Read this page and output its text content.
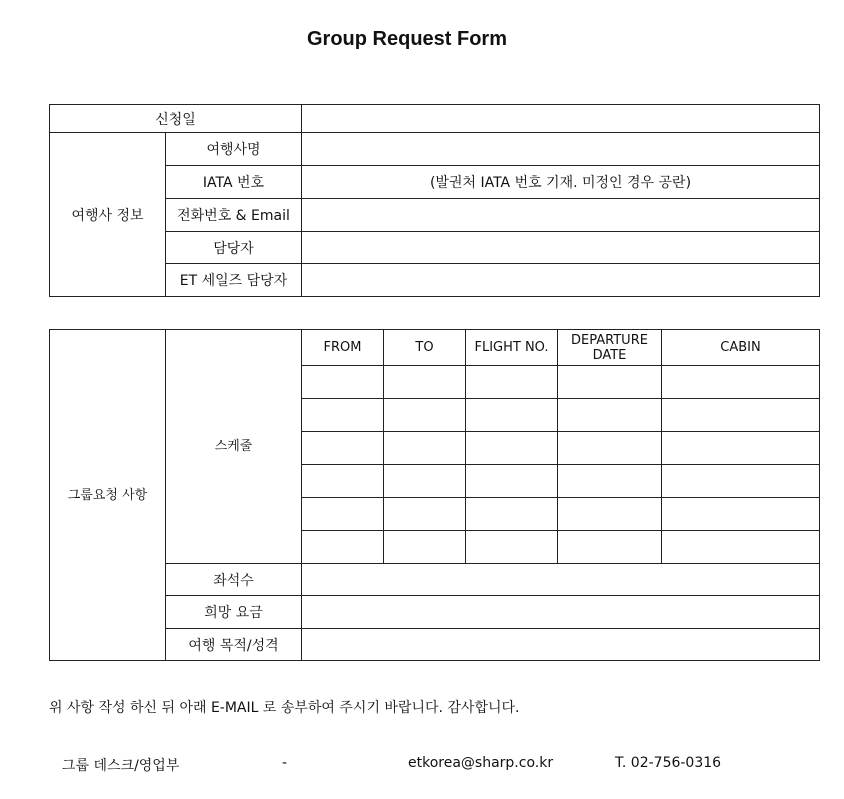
Group Request Form
신청일		
여행사 정보	여행사명	
	IATA 번호	(발권처 IATA 번호 기재. 미정인 경우 공란)
	전화번호 & Email	
	담당자	
	ET 세일즈 담당자	
그룹요청 사항	스케줄	FROM	TO	FLIGHT NO.	DEPARTURE DATE	CABIN

	좌석수					
	희망 요금					
	여행 목적/성격					
위 사항 작성 하신 뒤 아래 E-MAIL 로 송부하여 주시기 바랍니다. 감사합니다.
그룹 데스크/영업부	-	etkorea@sharp.co.kr	T. 02-756-0316
